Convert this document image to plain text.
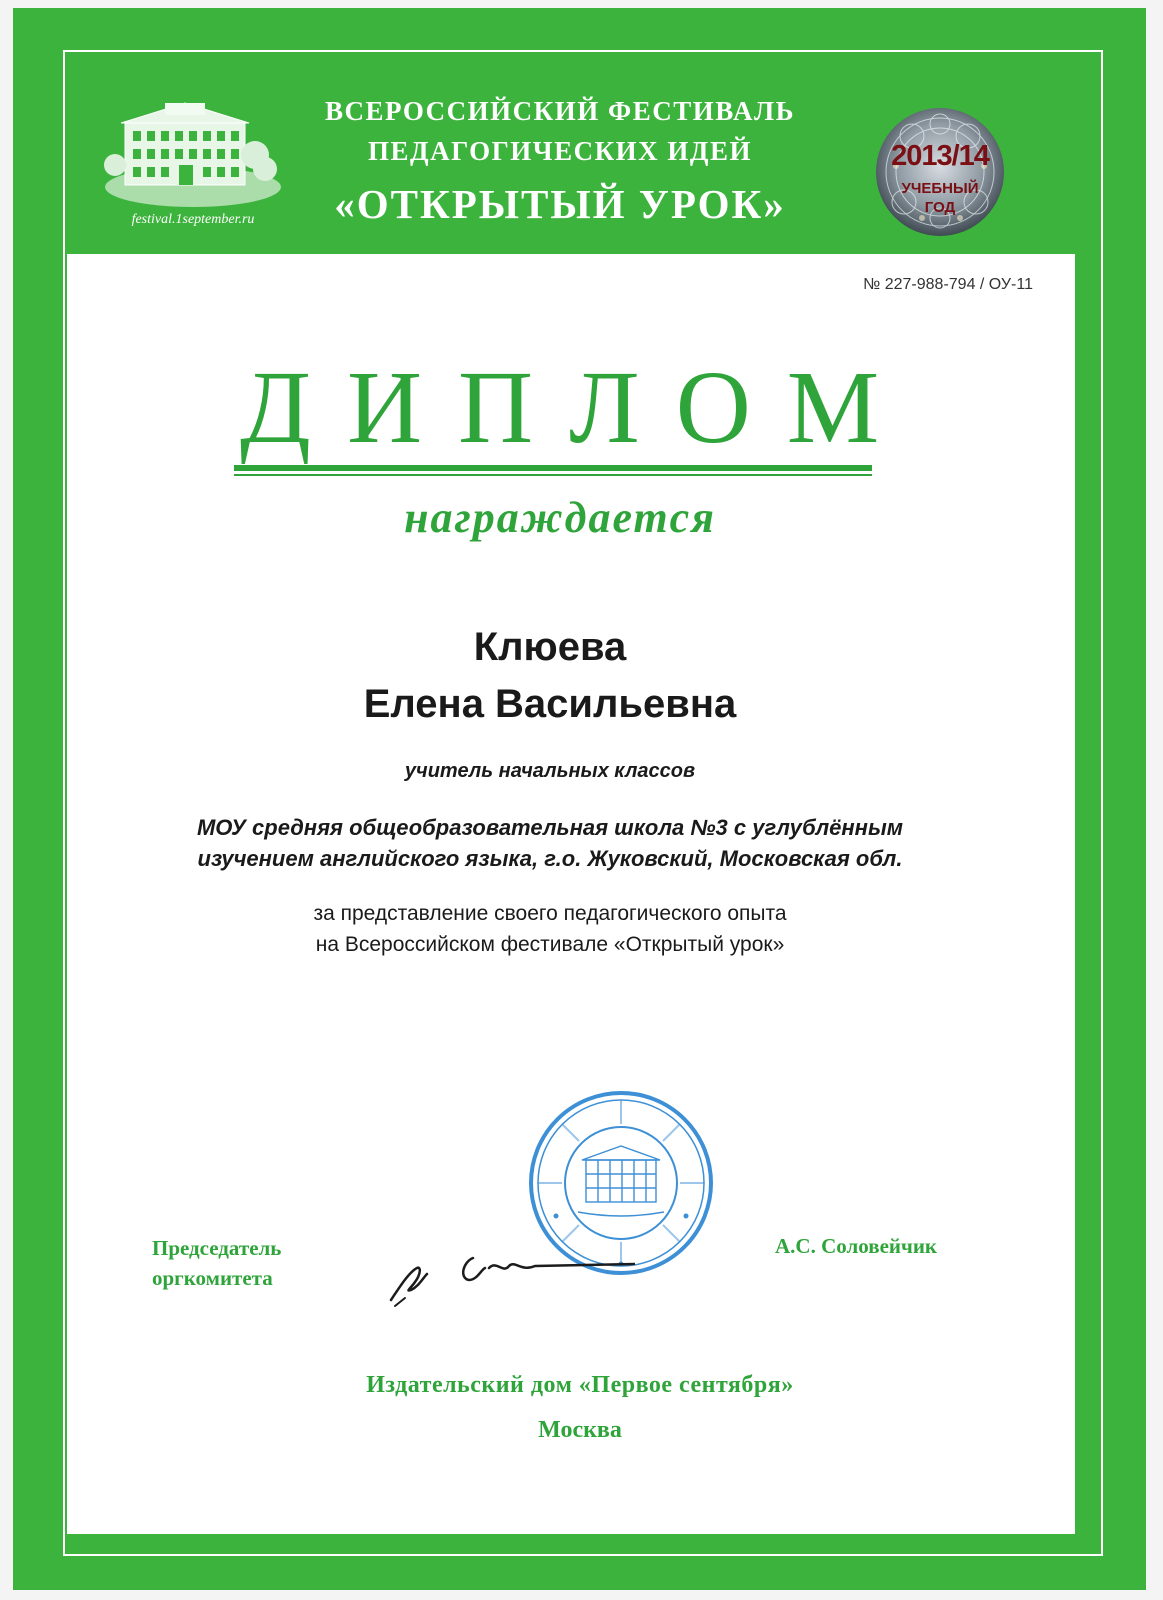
festival.1september.ru
ВСЕРОССИЙСКИЙ ФЕСТИВАЛЬ
ПЕДАГОГИЧЕСКИХ ИДЕЙ
«ОТКРЫТЫЙ УРОК»
2013/14
УЧЕБНЫЙ
ГОД
№ 227-988-794 / ОУ-11
ДИПЛОМ
награждается
Клюева
Елена Васильевна
учитель начальных классов
МОУ средняя общеобразовательная школа №3 с углублённым
изучением английского языка, г.о. Жуковский, Московская обл.
за представление своего педагогического опыта
на Всероссийском фестивале «Открытый урок»
Председатель
оргкомитета
А.С. Соловейчик
Издательский дом «Первое сентября»
Москва
